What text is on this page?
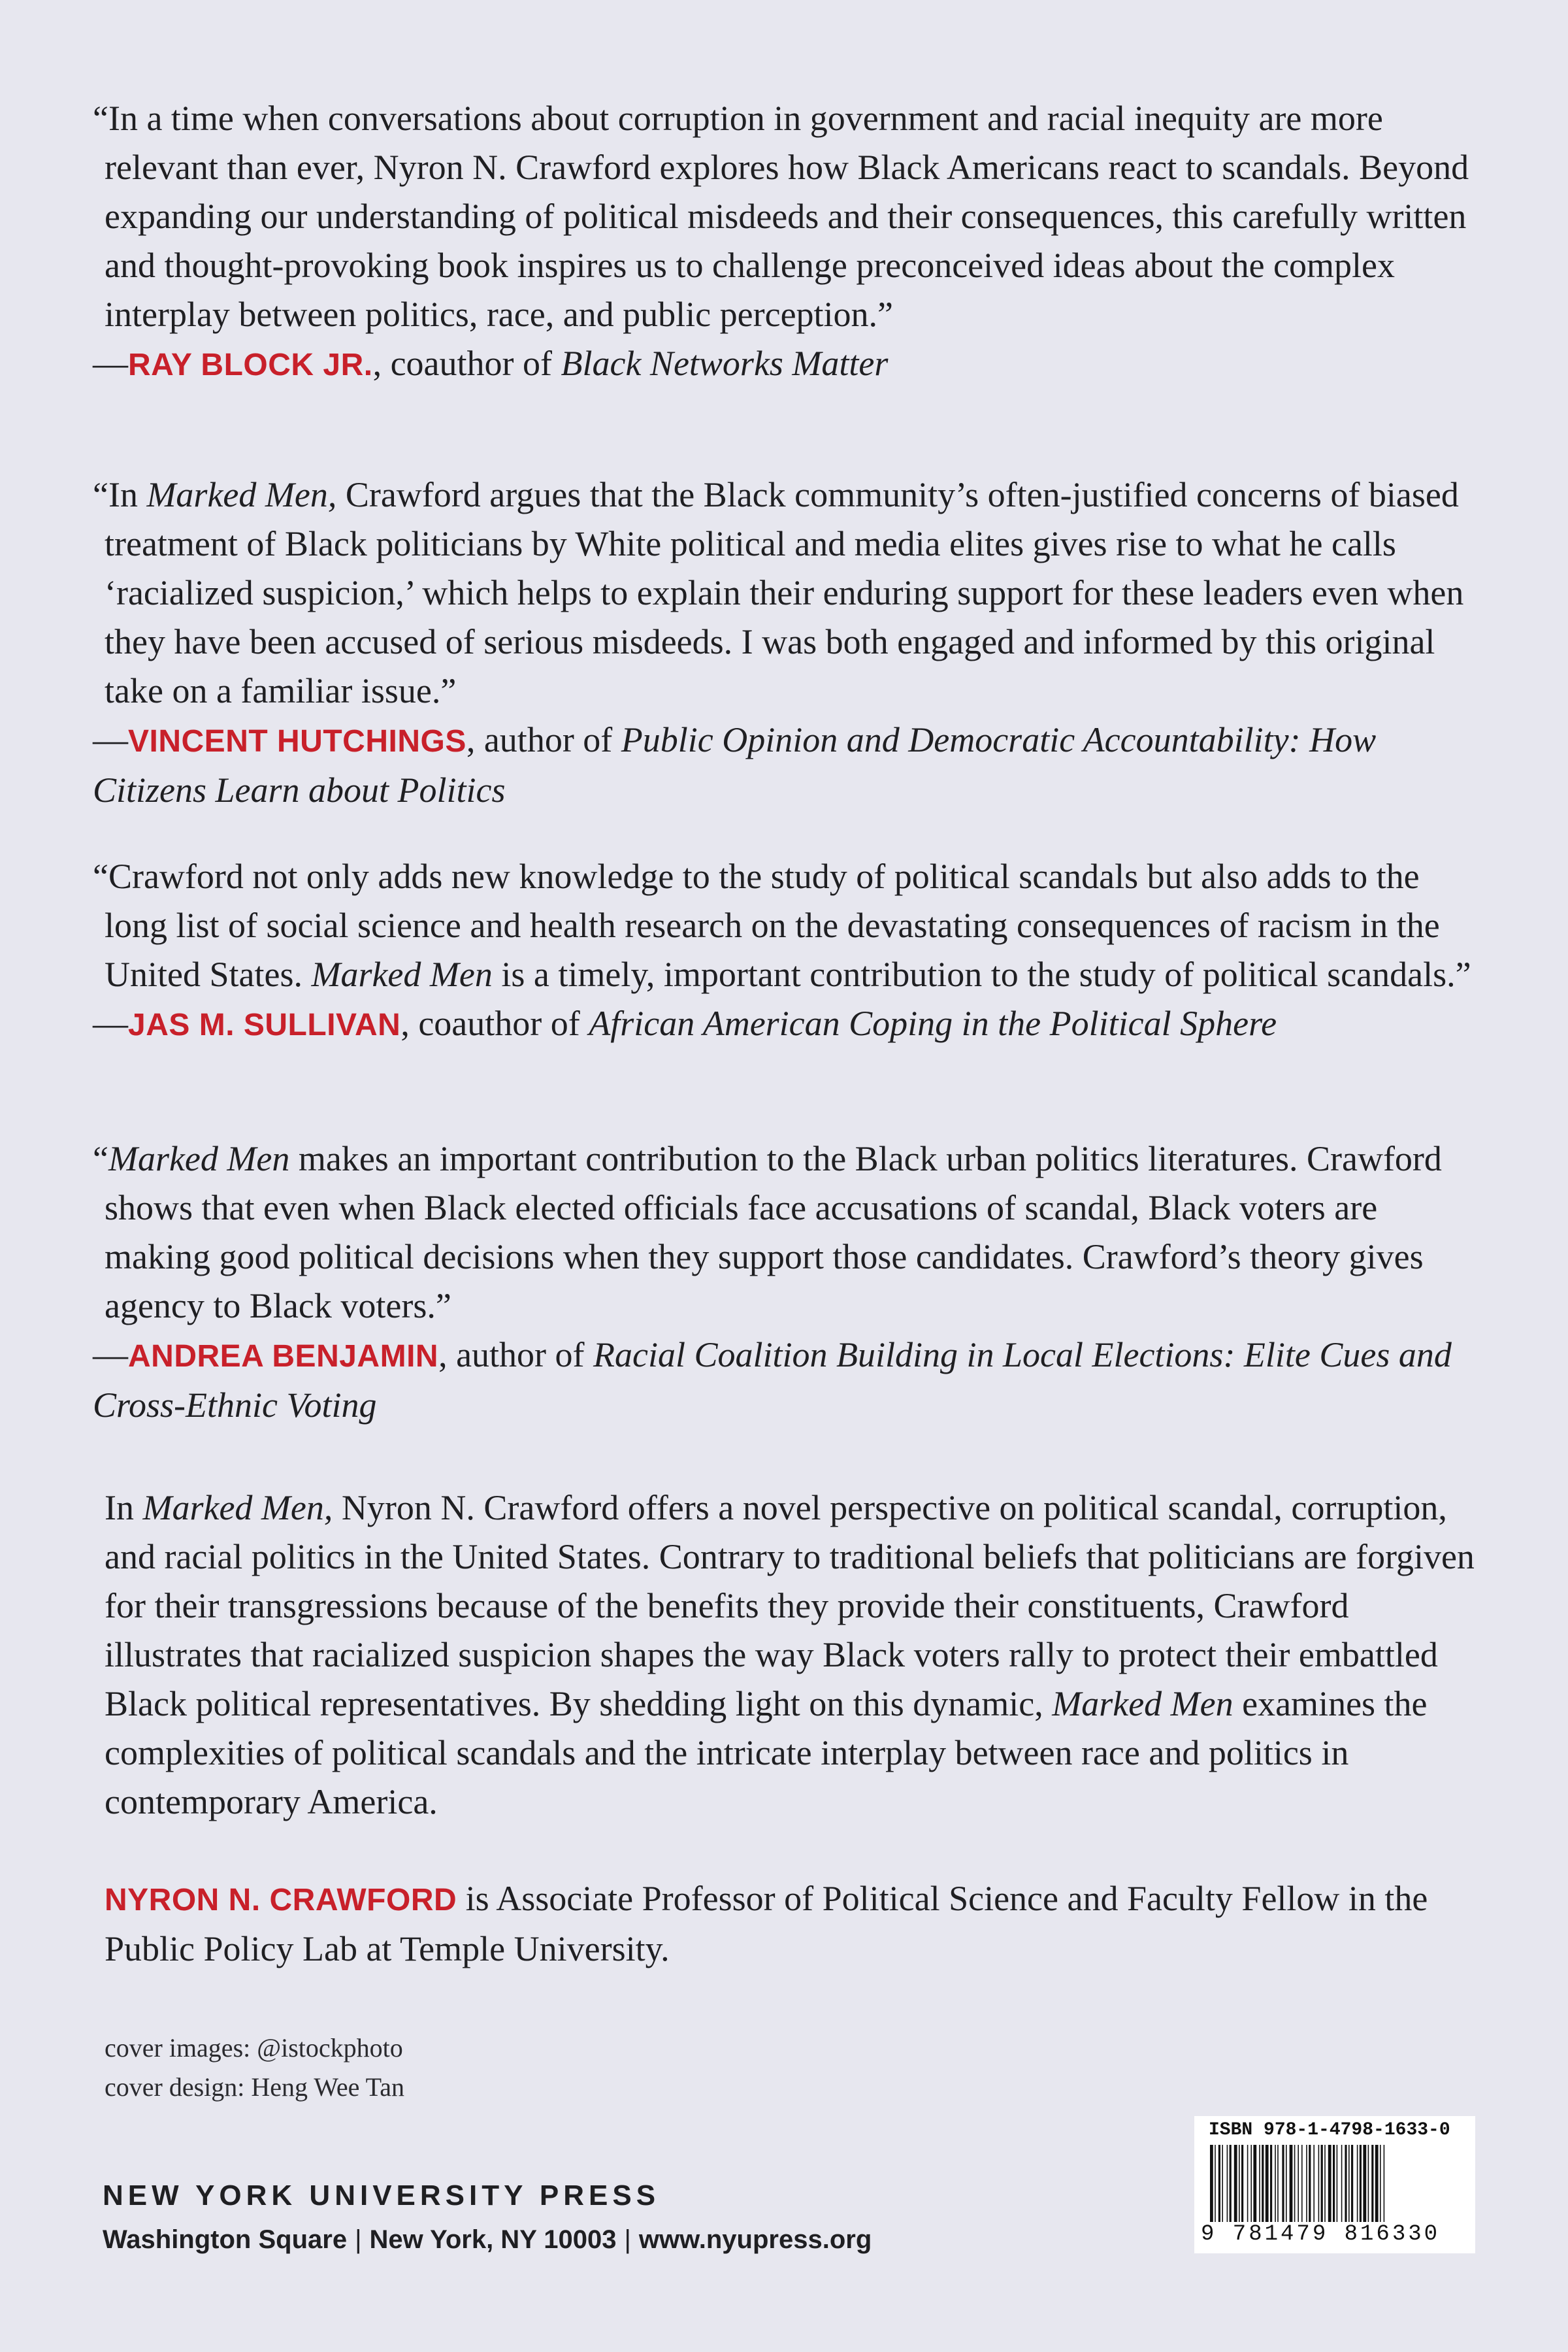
“In a time when conversations about corruption in government and racial inequity are more relevant than ever, Nyron N. Crawford explores how Black Americans react to scandals. Beyond expanding our understanding of political misdeeds and their consequences, this carefully written and thought-provoking book inspires us to challenge preconceived ideas about the complex interplay between politics, race, and public perception.”

—RAY BLOCK JR., coauthor of Black Networks Matter

“In Marked Men, Crawford argues that the Black community’s often-justified concerns of biased treatment of Black politicians by White political and media elites gives rise to what he calls ‘racialized suspicion,’ which helps to explain their enduring support for these leaders even when they have been accused of serious misdeeds. I was both engaged and informed by this original take on a familiar issue.”

—VINCENT HUTCHINGS, author of Public Opinion and Democratic Accountability: How Citizens Learn about Politics

“Crawford not only adds new knowledge to the study of political scandals but also adds to the long list of social science and health research on the devastating consequences of racism in the United States. Marked Men is a timely, important contribution to the study of political scandals.”

—JAS M. SULLIVAN, coauthor of African American Coping in the Political Sphere

“Marked Men makes an important contribution to the Black urban politics literatures. Crawford shows that even when Black elected officials face accusations of scandal, Black voters are making good political decisions when they support those candidates. Crawford’s theory gives agency to Black voters.”

—ANDREA BENJAMIN, author of Racial Coalition Building in Local Elections: Elite Cues and Cross-Ethnic Voting

In Marked Men, Nyron N. Crawford offers a novel perspective on political scandal, corruption, and racial politics in the United States. Contrary to traditional beliefs that politicians are forgiven for their transgressions because of the benefits they provide their constituents, Crawford illustrates that racialized suspicion shapes the way Black voters rally to protect their embattled Black political representatives. By shedding light on this dynamic, Marked Men examines the complexities of political scandals and the intricate interplay between race and politics in contemporary America.

NYRON N. CRAWFORD is Associate Professor of Political Science and Faculty Fellow in the Public Policy Lab at Temple University.

cover images: @istockphoto
cover design: Heng Wee Tan
NEW YORK UNIVERSITY PRESS
Washington Square | New York, NY 10003 | www.nyupress.org
ISBN 978-1-4798-1633-0
9 781479 816330
